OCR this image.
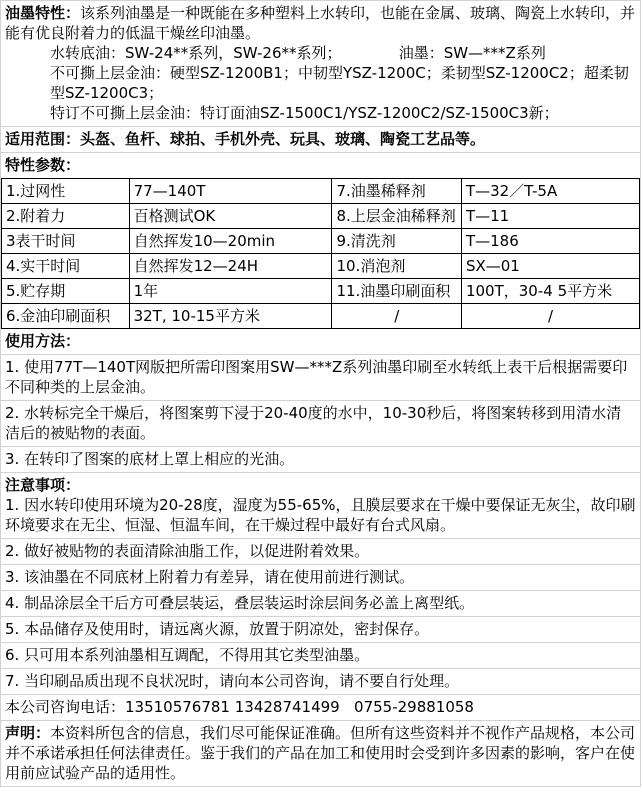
油墨特性：该系列油墨是一种既能在多种塑料上水转印，也能在金属、玻璃、陶瓷上水转印，并能有优良附着力的低温干燥丝印油墨。
水转底油：SW-24**系列，SW-26**系列；            油墨：SW—***Z系列
不可撕上层金油：硬型SZ-1200B1；中韧型YSZ-1200C；柔韧型SZ-1200C2；超柔韧型SZ-1200C3；
特订不可撕上层金油：特订面油SZ-1500C1/YSZ-1200C2/SZ-1500C3新；
适用范围：头盔、鱼杆、球拍、手机外壳、玩具、玻璃、陶瓷工艺品等。
特性参数：
1.过网性	77—140T	7.油墨稀释剂	T—32／T-5A
2.附着力	百格测试OK	8.上层金油稀释剂	T—11
3表干时间	自然挥发10—20min	9.清洗剂	T—186
4.实干时间	自然挥发12—24H	10.消泡剂	SX—01
5.贮存期	1年	11.油墨印刷面积	100T，30-4 5平方米
6.金油印刷面积	32T, 10-15平方米	/	/
使用方法：
1. 使用77T—140T网版把所需印图案用SW—***Z系列油墨印刷至水转纸上表干后根据需要印不同种类的上层金油。
2. 水转标完全干燥后，将图案剪下浸于20-40度的水中，10-30秒后，将图案转移到用清水清洁后的被贴物的表面。
3. 在转印了图案的底材上罩上相应的光油。
注意事项：
1. 因水转印使用环境为20-28度，湿度为55-65%，且膜层要求在干燥中要保证无灰尘，故印刷环境要求在无尘、恒湿、恒温车间，在干燥过程中最好有台式风扇。
2. 做好被贴物的表面清除油脂工作，以促进附着效果。
3. 该油墨在不同底材上附着力有差异，请在使用前进行测试。
4. 制品涂层全干后方可叠层装运，叠层装运时涂层间务必盖上离型纸。
5. 本品储存及使用时，请远离火源，放置于阴凉处，密封保存。
6. 只可用本系列油墨相互调配，不得用其它类型油墨。
7. 当印刷品质出现不良状况时，请向本公司咨询，请不要自行处理。
本公司咨询电话：13510576781 13428741499   0755-29881058
声明：本资料所包含的信息，我们尽可能保证准确。但所有这些资料并不视作产品规格，本公司并不承诺承担任何法律责任。鉴于我们的产品在加工和使用时会受到许多因素的影响，客户在使用前应试验产品的适用性。
